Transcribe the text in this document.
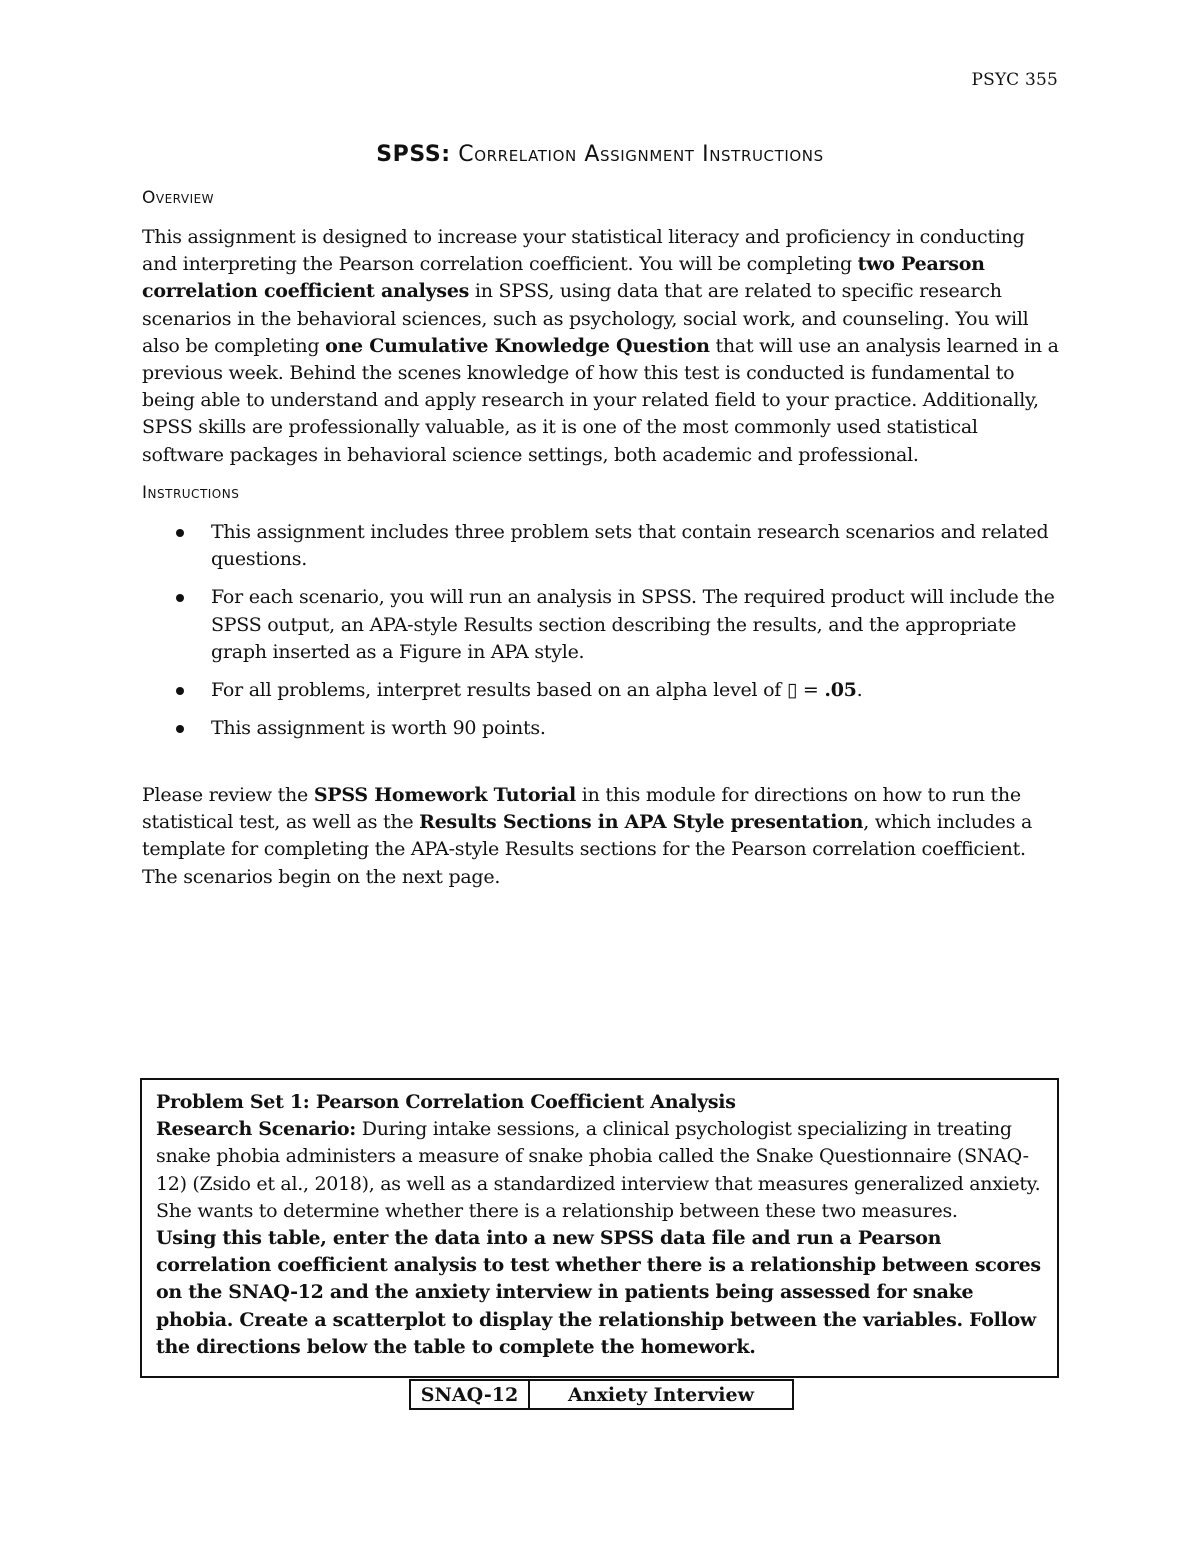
PSYC 355
SPSS: Correlation Assignment Instructions
Overview
This assignment is designed to increase your statistical literacy and proficiency in conducting and interpreting the Pearson correlation coefficient. You will be completing two Pearson correlation coefficient analyses in SPSS, using data that are related to specific research scenarios in the behavioral sciences, such as psychology, social work, and counseling. You will also be completing one Cumulative Knowledge Question that will use an analysis learned in a previous week. Behind the scenes knowledge of how this test is conducted is fundamental to being able to understand and apply research in your related field to your practice. Additionally, SPSS skills are professionally valuable, as it is one of the most commonly used statistical software packages in behavioral science settings, both academic and professional.
Instructions
This assignment includes three problem sets that contain research scenarios and related questions.
For each scenario, you will run an analysis in SPSS. The required product will include the SPSS output, an APA-style Results section describing the results, and the appropriate graph inserted as a Figure in APA style.
For all problems, interpret results based on an alpha level of ▯ = .05.
This assignment is worth 90 points.
Please review the SPSS Homework Tutorial in this module for directions on how to run the statistical test, as well as the Results Sections in APA Style presentation, which includes a template for completing the APA-style Results sections for the Pearson correlation coefficient. The scenarios begin on the next page.
Problem Set 1: Pearson Correlation Coefficient Analysis
Research Scenario: During intake sessions, a clinical psychologist specializing in treating snake phobia administers a measure of snake phobia called the Snake Questionnaire (SNAQ-12) (Zsido et al., 2018), as well as a standardized interview that measures generalized anxiety. She wants to determine whether there is a relationship between these two measures.
Using this table, enter the data into a new SPSS data file and run a Pearson correlation coefficient analysis to test whether there is a relationship between scores on the SNAQ-12 and the anxiety interview in patients being assessed for snake phobia. Create a scatterplot to display the relationship between the variables. Follow the directions below the table to complete the homework.
SNAQ-12	Anxiety Interview
